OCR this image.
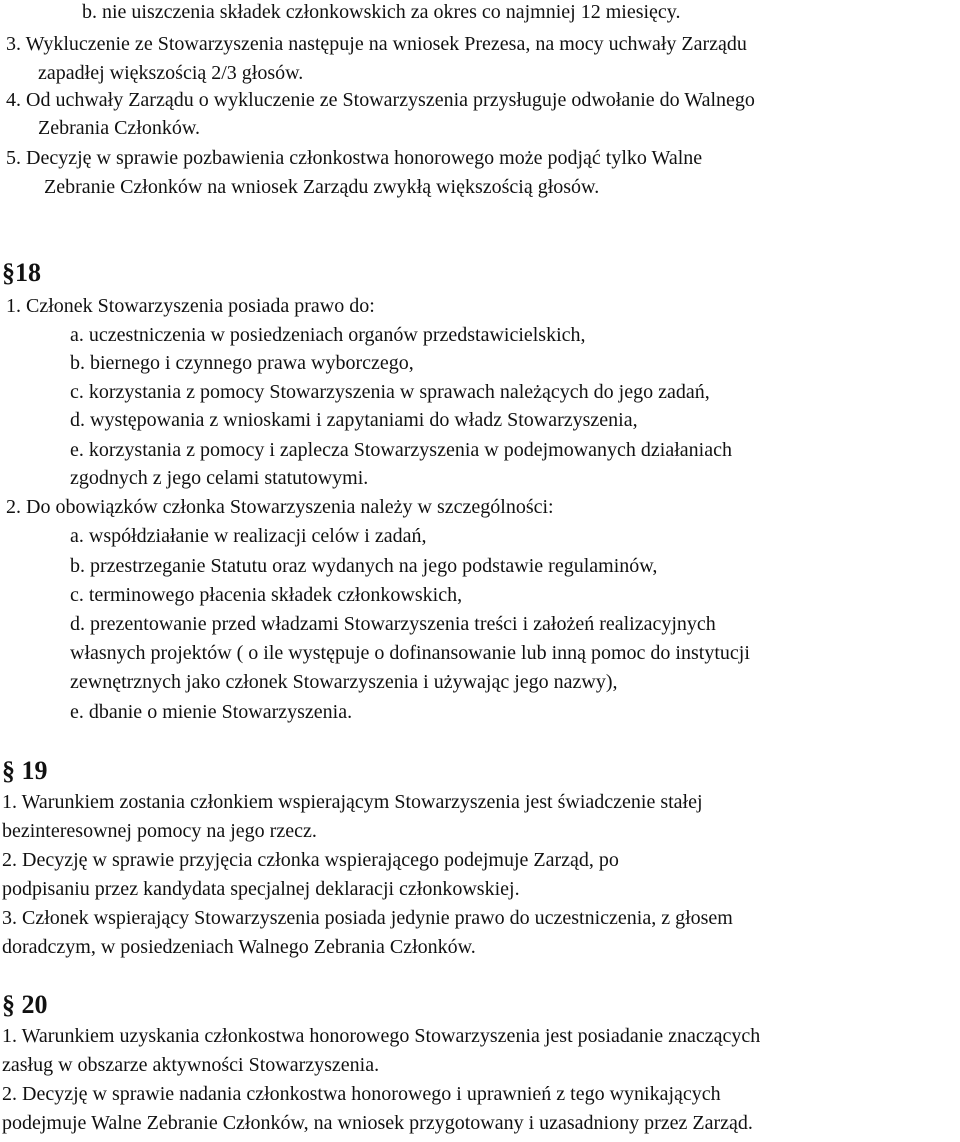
b. nie uiszczenia składek członkowskich za okres co najmniej 12 miesięcy.
3. Wykluczenie ze Stowarzyszenia następuje na wniosek Prezesa, na mocy uchwały Zarządu
zapadłej większością 2/3 głosów.
4. Od uchwały Zarządu o wykluczenie ze Stowarzyszenia przysługuje odwołanie do Walnego
Zebrania Członków.
5. Decyzję w sprawie pozbawienia członkostwa honorowego może podjąć tylko Walne
Zebranie Członków na wniosek Zarządu zwykłą większością głosów.
§18
1. Członek Stowarzyszenia posiada prawo do:
a. uczestniczenia w posiedzeniach organów przedstawicielskich,
b. biernego i czynnego prawa wyborczego,
c. korzystania z pomocy Stowarzyszenia w sprawach należących do jego zadań,
d. występowania z wnioskami i zapytaniami do władz Stowarzyszenia,
e. korzystania z pomocy i zaplecza Stowarzyszenia w podejmowanych działaniach
zgodnych z jego celami statutowymi.
2. Do obowiązków członka Stowarzyszenia należy w szczególności:
a. współdziałanie w realizacji celów i zadań,
b. przestrzeganie Statutu oraz wydanych na jego podstawie regulaminów,
c. terminowego płacenia składek członkowskich,
d. prezentowanie przed władzami Stowarzyszenia treści i założeń realizacyjnych
własnych projektów ( o ile występuje o dofinansowanie lub inną pomoc do instytucji
zewnętrznych jako członek Stowarzyszenia i używając jego nazwy),
e. dbanie o mienie Stowarzyszenia.
§ 19
1. Warunkiem zostania członkiem wspierającym Stowarzyszenia jest świadczenie stałej
bezinteresownej pomocy na jego rzecz.
2. Decyzję w sprawie przyjęcia członka wspierającego podejmuje Zarząd, po
podpisaniu przez kandydata specjalnej deklaracji członkowskiej.
3. Członek wspierający Stowarzyszenia posiada jedynie prawo do uczestniczenia, z głosem
doradczym, w posiedzeniach Walnego Zebrania Członków.
§ 20
1. Warunkiem uzyskania członkostwa honorowego Stowarzyszenia jest posiadanie znaczących
zasług w obszarze aktywności Stowarzyszenia.
2. Decyzję w sprawie nadania członkostwa honorowego i uprawnień z tego wynikających
podejmuje Walne Zebranie Członków, na wniosek przygotowany i uzasadniony przez Zarząd.
